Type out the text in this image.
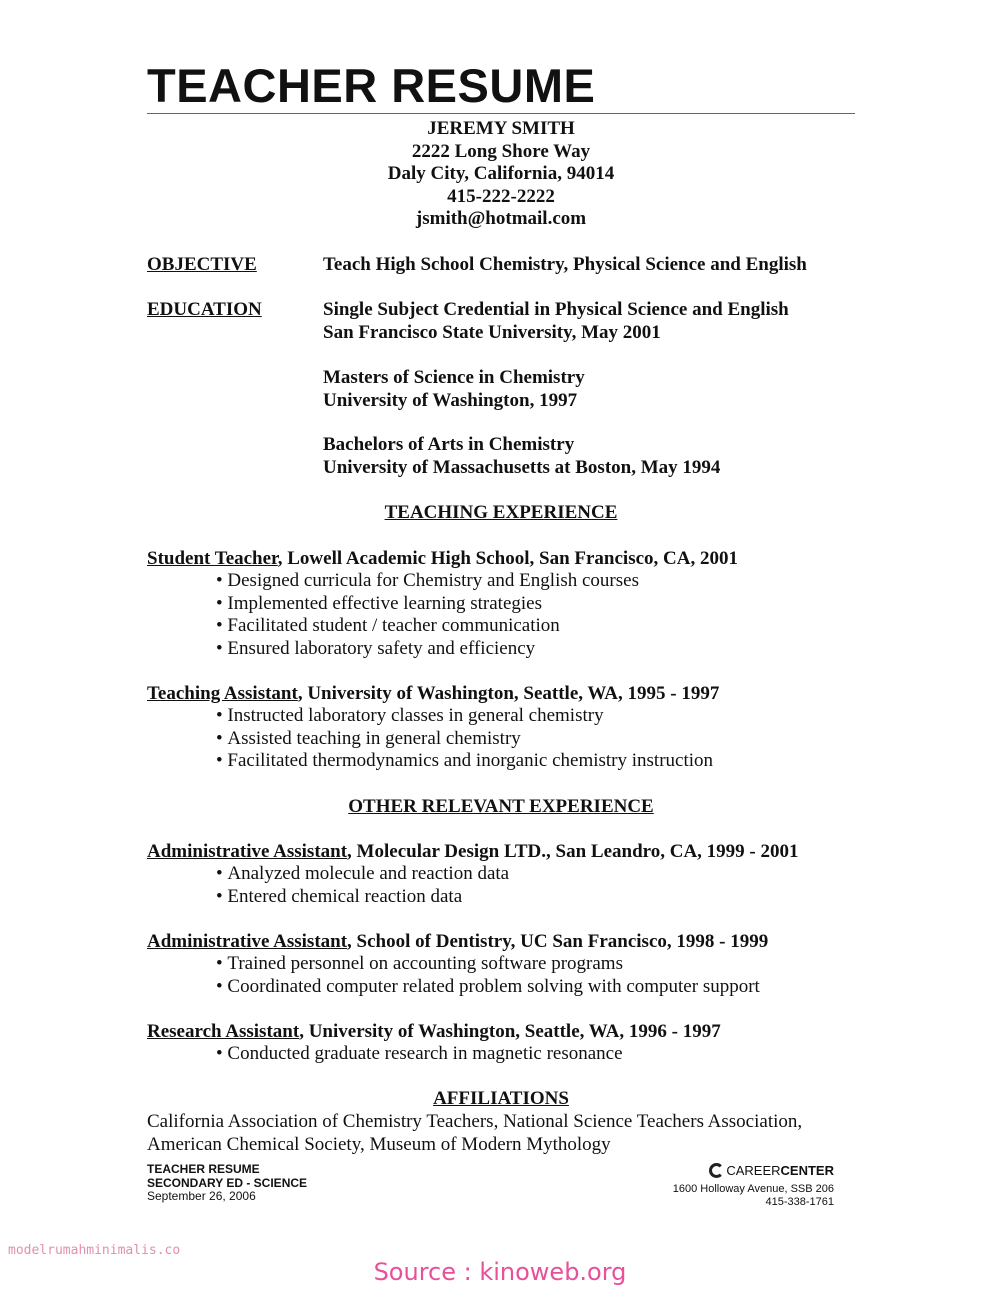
TEACHER RESUME
JEREMY SMITH
2222 Long Shore Way
Daly City, California, 94014
415-222-2222
jsmith@hotmail.com
OBJECTIVE	Teach High School Chemistry, Physical Science and English
EDUCATION	Single Subject Credential in Physical Science and English
San Francisco State University, May 2001
Masters of Science in Chemistry
University of Washington, 1997
Bachelors of Arts in Chemistry
University of Massachusetts at Boston, May 1994
TEACHING EXPERIENCE
Student Teacher, Lowell Academic High School, San Francisco, CA, 2001
• Designed curricula for Chemistry and English courses
• Implemented effective learning strategies
• Facilitated student / teacher communication
• Ensured laboratory safety and efficiency
Teaching Assistant, University of Washington, Seattle, WA, 1995 - 1997
• Instructed laboratory classes in general chemistry
• Assisted teaching in general chemistry
• Facilitated thermodynamics and inorganic chemistry instruction
OTHER RELEVANT EXPERIENCE
Administrative Assistant, Molecular Design LTD., San Leandro, CA, 1999 - 2001
• Analyzed molecule and reaction data
• Entered chemical reaction data
Administrative Assistant, School of Dentistry, UC San Francisco, 1998 - 1999
• Trained personnel on accounting software programs
• Coordinated computer related problem solving with computer support
Research Assistant, University of Washington, Seattle, WA, 1996 - 1997
• Conducted graduate research in magnetic resonance
AFFILIATIONS
California Association of Chemistry Teachers, National Science Teachers Association,
American Chemical Society, Museum of Modern Mythology
TEACHER RESUME
SECONDARY ED - SCIENCE
September 26, 2006
CAREER CENTER
1600 Holloway Avenue, SSB 206
415-338-1761
modelrumahminimalis.co
Source : kinoweb.org
